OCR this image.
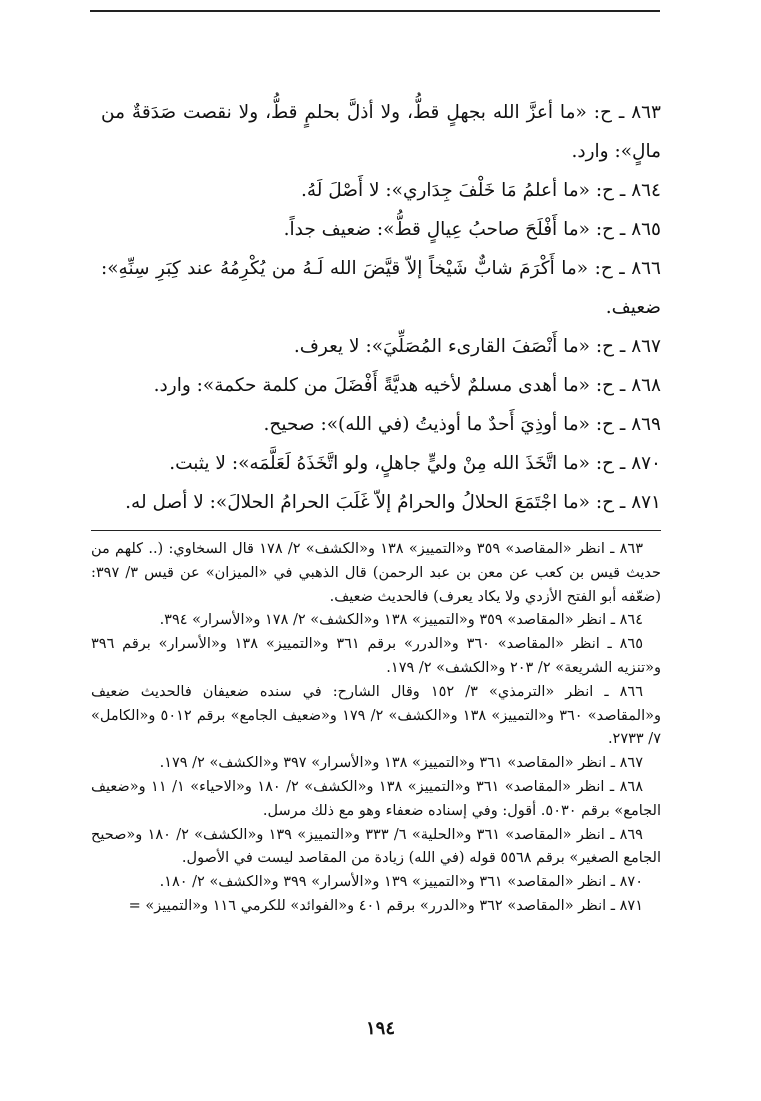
٨٦٣ ـ ح: «ما أعزَّ الله بجهلٍ قطُّ، ولا أذلَّ بحلمٍ قطُّ، ولا نقصت صَدَقةٌ من مالٍ»: وارد.
٨٦٤ ـ ح: «ما أعلمُ مَا خَلْفَ جِدَاري»: لا أَصْلَ لَهُ.
٨٦٥ ـ ح: «ما أَفْلَحَ صاحبُ عِيالٍ قطُّ»: ضعيف جداً.
٨٦٦ ـ ح: «ما أَكْرَمَ شابٌّ شَيْخاً إلاّ قيَّضَ الله لَـهُ من يُكْرِمُهُ عند كِبَرِ سِنِّهِ»: ضعيف.
٨٦٧ ـ ح: «ما أَنْصَفَ القارىء المُصَلِّيَ»: لا يعرف.
٨٦٨ ـ ح: «ما أهدى مسلمٌ لأخيه هديَّةً أَفْضَلَ من كلمة حكمة»: وارد.
٨٦٩ ـ ح: «ما أوذِيَ أَحدٌ ما أوذيتُ (في الله)»: صحيح.
٨٧٠ ـ ح: «ما اتَّخَذَ الله مِنْ وليٍّ جاهلٍ، ولو اتَّخَذَهُ لَعَلَّمَه»: لا يثبت.
٨٧١ ـ ح: «ما اجْتَمَعَ الحلالُ والحرامُ إلاّ غَلَبَ الحرامُ الحلالَ»: لا أصل له.
٨٦٣ ـ انظر «المقاصد» ٣٥٩ و«التمييز» ١٣٨ و«الكشف» ٢/ ١٧٨ قال السخاوي: (.. كلهم من حديث قيس بن كعب عن معن بن عبد الرحمن) قال الذهبي في «الميزان» عن قيس ٣/ ٣٩٧: (ضعّفه أبو الفتح الأزدي ولا يكاد يعرف) فالحديث ضعيف.
٨٦٤ ـ انظر «المقاصد» ٣٥٩ و«التمييز» ١٣٨ و«الكشف» ٢/ ١٧٨ و«الأسرار» ٣٩٤.
٨٦٥ ـ انظر «المقاصد» ٣٦٠ و«الدرر» برقم ٣٦١ و«التمييز» ١٣٨ و«الأسرار» برقم ٣٩٦ و«تنزيه الشريعة» ٢/ ٢٠٣ و«الكشف» ٢/ ١٧٩.
٨٦٦ ـ انظر «الترمذي» ٣/ ١٥٢ وقال الشارح: في سنده ضعيفان فالحديث ضعيف و«المقاصد» ٣٦٠ و«التمييز» ١٣٨ و«الكشف» ٢/ ١٧٩ و«ضعيف الجامع» برقم ٥٠١٢ و«الكامل» ٧/ ٢٧٣٣.
٨٦٧ ـ انظر «المقاصد» ٣٦١ و«التمييز» ١٣٨ و«الأسرار» ٣٩٧ و«الكشف» ٢/ ١٧٩.
٨٦٨ ـ انظر «المقاصد» ٣٦١ و«التمييز» ١٣٨ و«الكشف» ٢/ ١٨٠ و«الاحياء» ١/ ١١ و«ضعيف الجامع» برقم ٥٠٣٠. أقول: وفي إسناده ضعفاء وهو مع ذلك مرسل.
٨٦٩ ـ انظر «المقاصد» ٣٦١ و«الحلية» ٦/ ٣٣٣ و«التمييز» ١٣٩ و«الكشف» ٢/ ١٨٠ و«صحيح الجامع الصغير» برقم ٥٥٦٨ قوله (في الله) زيادة من المقاصد ليست في الأصول.
٨٧٠ ـ انظر «المقاصد» ٣٦١ و«التمييز» ١٣٩ و«الأسرار» ٣٩٩ و«الكشف» ٢/ ١٨٠.
٨٧١ ـ انظر «المقاصد» ٣٦٢ و«الدرر» برقم ٤٠١ و«الفوائد» للكرمي ١١٦ و«التمييز» =
١٩٤
